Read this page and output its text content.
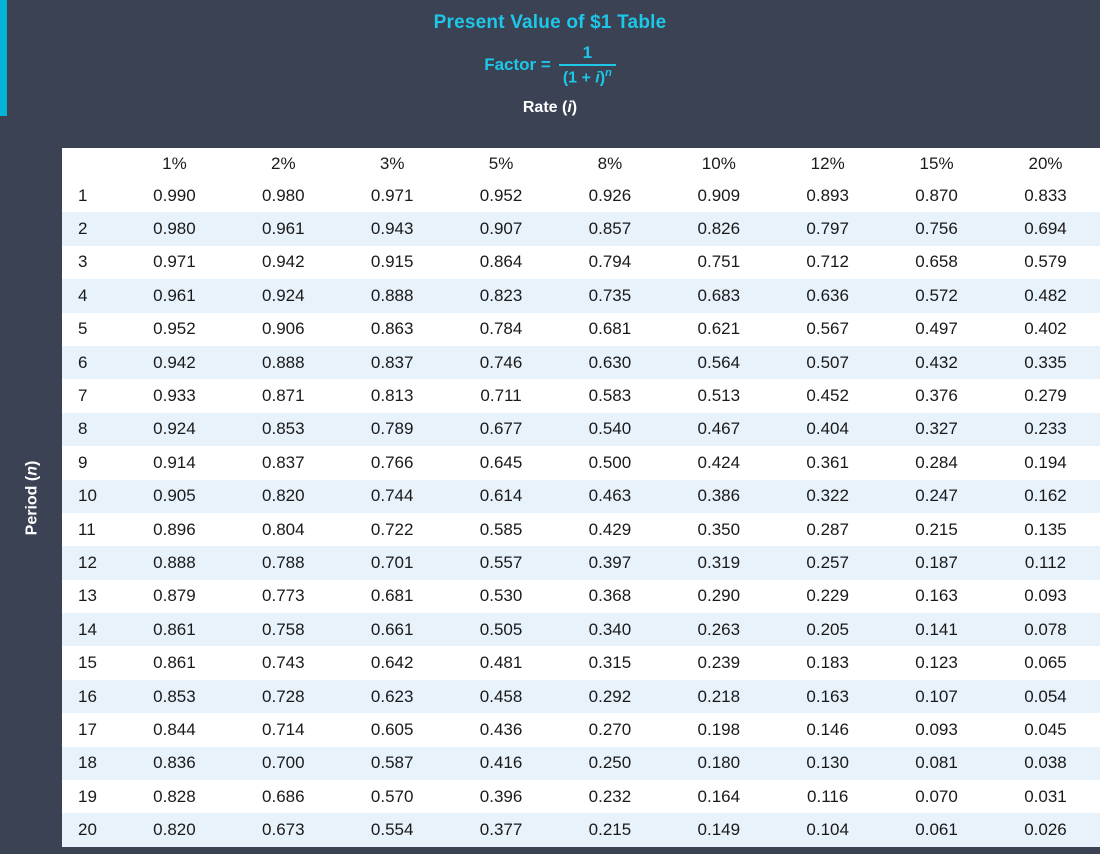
Present Value of $1 Table
Factor = $\frac{1}{(1 + i)^n}$
Rate (i)
Period (n)
	1%	2%	3%	5%	8%	10%	12%	15%	20%
1	0.990	0.980	0.971	0.952	0.926	0.909	0.893	0.870	0.833
2	0.980	0.961	0.943	0.907	0.857	0.826	0.797	0.756	0.694
3	0.971	0.942	0.915	0.864	0.794	0.751	0.712	0.658	0.579
4	0.961	0.924	0.888	0.823	0.735	0.683	0.636	0.572	0.482
5	0.952	0.906	0.863	0.784	0.681	0.621	0.567	0.497	0.402
6	0.942	0.888	0.837	0.746	0.630	0.564	0.507	0.432	0.335
7	0.933	0.871	0.813	0.711	0.583	0.513	0.452	0.376	0.279
8	0.924	0.853	0.789	0.677	0.540	0.467	0.404	0.327	0.233
9	0.914	0.837	0.766	0.645	0.500	0.424	0.361	0.284	0.194
10	0.905	0.820	0.744	0.614	0.463	0.386	0.322	0.247	0.162
11	0.896	0.804	0.722	0.585	0.429	0.350	0.287	0.215	0.135
12	0.888	0.788	0.701	0.557	0.397	0.319	0.257	0.187	0.112
13	0.879	0.773	0.681	0.530	0.368	0.290	0.229	0.163	0.093
14	0.861	0.758	0.661	0.505	0.340	0.263	0.205	0.141	0.078
15	0.861	0.743	0.642	0.481	0.315	0.239	0.183	0.123	0.065
16	0.853	0.728	0.623	0.458	0.292	0.218	0.163	0.107	0.054
17	0.844	0.714	0.605	0.436	0.270	0.198	0.146	0.093	0.045
18	0.836	0.700	0.587	0.416	0.250	0.180	0.130	0.081	0.038
19	0.828	0.686	0.570	0.396	0.232	0.164	0.116	0.070	0.031
20	0.820	0.673	0.554	0.377	0.215	0.149	0.104	0.061	0.026
